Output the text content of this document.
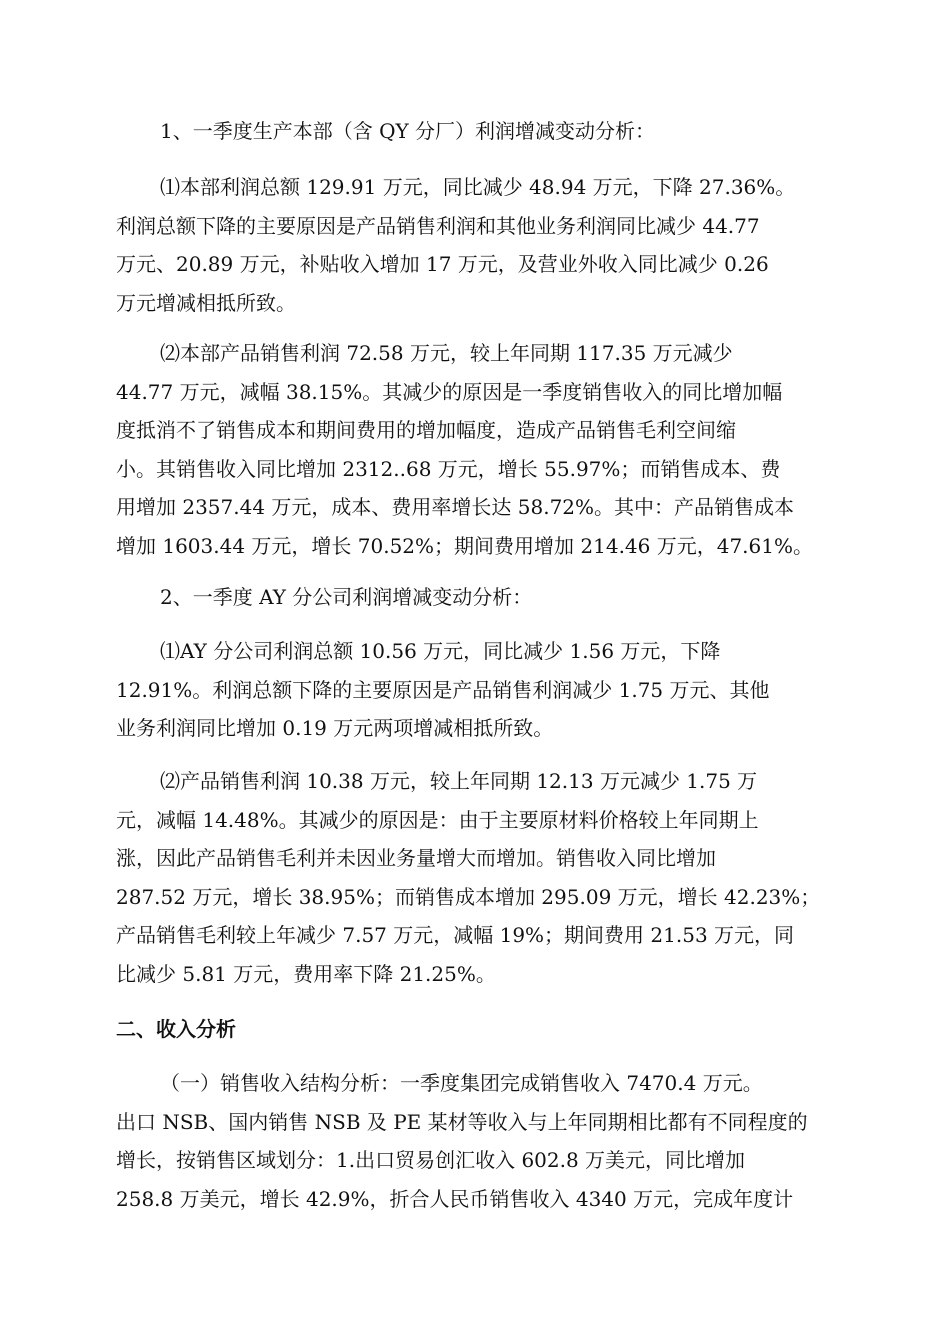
1、一季度生产本部（含 QY 分厂）利润增减变动分析：

⑴本部利润总额 129.91 万元，同比减少 48.94 万元，下降 27.36%。
利润总额下降的主要原因是产品销售利润和其他业务利润同比减少 44.77
万元、20.89 万元，补贴收入增加 17 万元，及营业外收入同比减少 0.26
万元增减相抵所致。

⑵本部产品销售利润 72.58 万元，较上年同期 117.35 万元减少
44.77 万元，减幅 38.15%。其减少的原因是一季度销售收入的同比增加幅
度抵消不了销售成本和期间费用的增加幅度，造成产品销售毛利空间缩
小。其销售收入同比增加 2312..68 万元，增长 55.97%；而销售成本、费
用增加 2357.44 万元，成本、费用率增长达 58.72%。其中：产品销售成本
增加 1603.44 万元，增长 70.52%；期间费用增加 214.46 万元，47.61%。

2、一季度 AY 分公司利润增减变动分析：

⑴AY 分公司利润总额 10.56 万元，同比减少 1.56 万元，下降
12.91%。利润总额下降的主要原因是产品销售利润减少 1.75 万元、其他
业务利润同比增加 0.19 万元两项增减相抵所致。

⑵产品销售利润 10.38 万元，较上年同期 12.13 万元减少 1.75 万
元，减幅 14.48%。其减少的原因是：由于主要原材料价格较上年同期上
涨，因此产品销售毛利并未因业务量增大而增加。销售收入同比增加
287.52 万元，增长 38.95%；而销售成本增加 295.09 万元，增长 42.23%；
产品销售毛利较上年减少 7.57 万元，减幅 19%；期间费用 21.53 万元，同
比减少 5.81 万元，费用率下降 21.25%。

二、收入分析

（一）销售收入结构分析：一季度集团完成销售收入 7470.4 万元。
出口 NSB、国内销售 NSB 及 PE 某材等收入与上年同期相比都有不同程度的
增长，按销售区域划分：1.出口贸易创汇收入 602.8 万美元，同比增加
258.8 万美元，增长 42.9%，折合人民币销售收入 4340 万元，完成年度计
